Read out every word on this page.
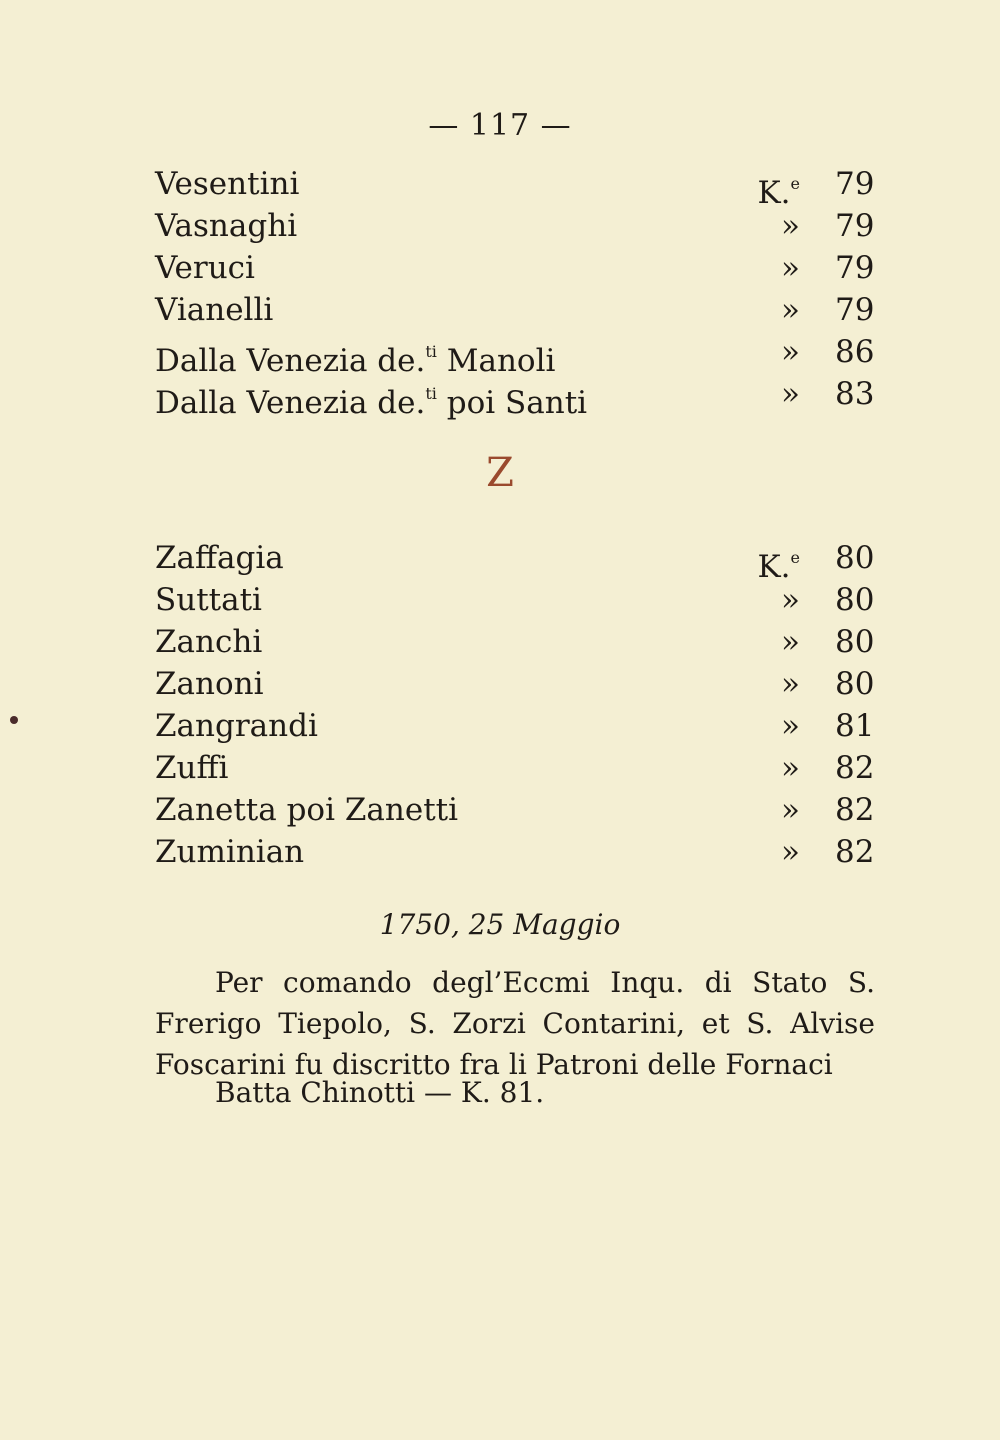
— 117 —
Vesentini	K.$^e$ 79
Vasnaghi	» 79
Veruci	» 79
Vianelli	» 79
Dalla Venezia de.$^{ti}$ Manoli	» 86
Dalla Venezia de.$^{ti}$ poi Santi	» 83
Z
Zaffagia	K.$^e$ 80
Suttati	» 80
Zanchi	» 80
Zanoni	» 80
Zangrandi	» 81
Zuffi	» 82
Zanetta poi Zanetti	» 82
Zuminian	» 82
1750, 25 Maggio

Per comando degl’Eccmi Inqu. di Stato S. Frerigo Tiepolo, S. Zorzi Contarini, et S. Alvise Foscarini fu discritto fra li Patroni delle Fornaci

Batta Chinotti — K. 81.
